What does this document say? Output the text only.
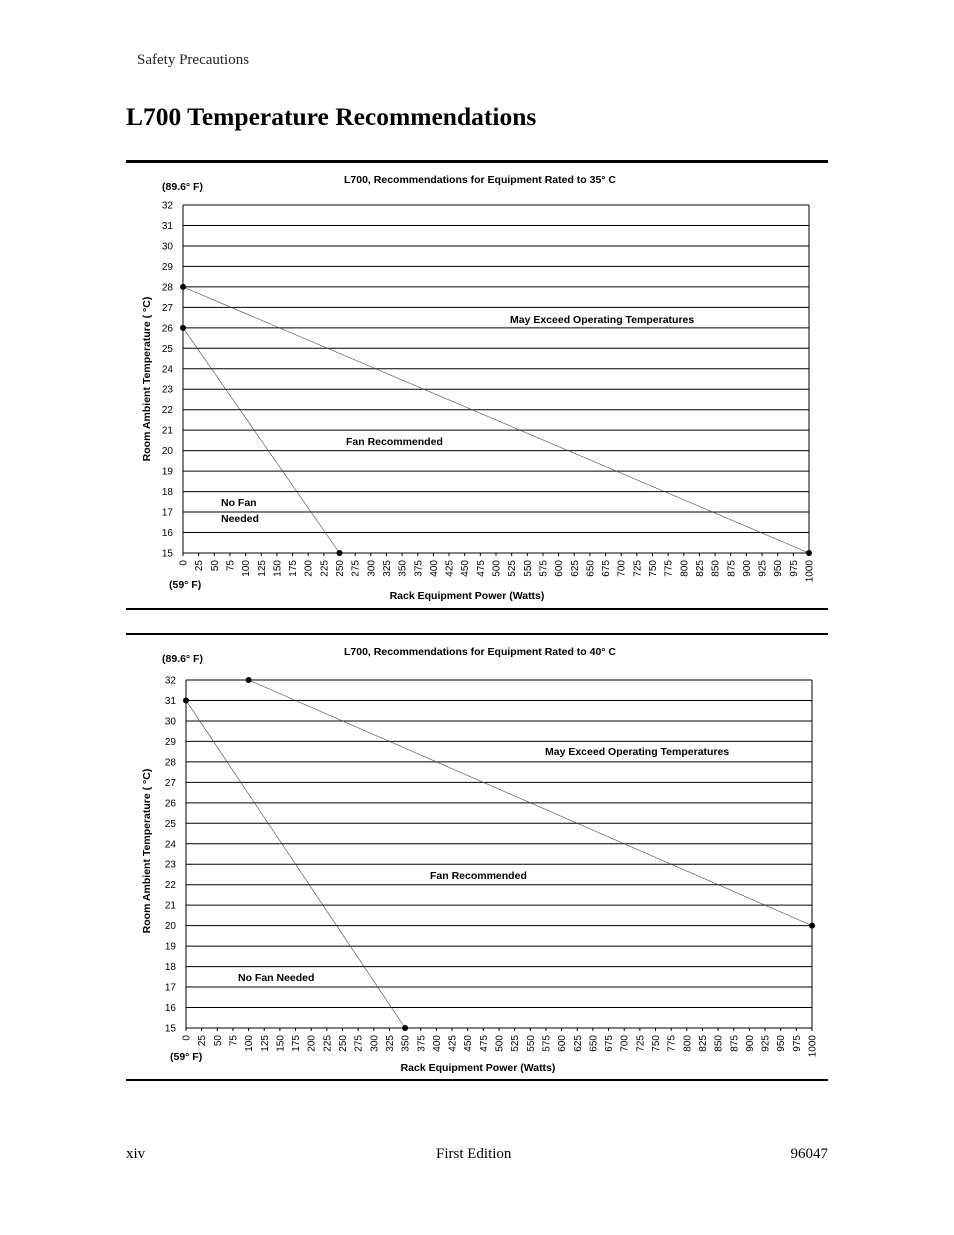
Safety Precautions
L700 Temperature Recommendations
L700, Recommendations for Equipment Rated to 35° C
(89.6° F)
(59° F)
Rack Equipment Power (Watts)
Room Ambient Temperature ( °C)
15
16
17
18
19
20
21
22
23
24
25
26
27
28
29
30
31
32
0 25 50 75 100 125 150 175 200 225 250 275 300 325 350 375 400 425 450 475 500 525 550 575 600 625 650 675 700 725 750 775 800 825 850 875 900 925 950 975 1000
May Exceed Operating Temperatures
Fan Recommended
No Fan
Needed
L700, Recommendations for Equipment Rated to 40° C
(89.6° F)
(59° F)
Rack Equipment Power (Watts)
Room Ambient Temperature ( °C)
15
16
17
18
19
20
21
22
23
24
25
26
27
28
29
30
31
32
0 25 50 75 100 125 150 175 200 225 250 275 300 325 350 375 400 425 450 475 500 525 550 575 600 625 650 675 700 725 750 775 800 825 850 875 900 925 950 975 1000
May Exceed Operating Temperatures
Fan Recommended
No Fan Needed
xiv	First Edition	96047
